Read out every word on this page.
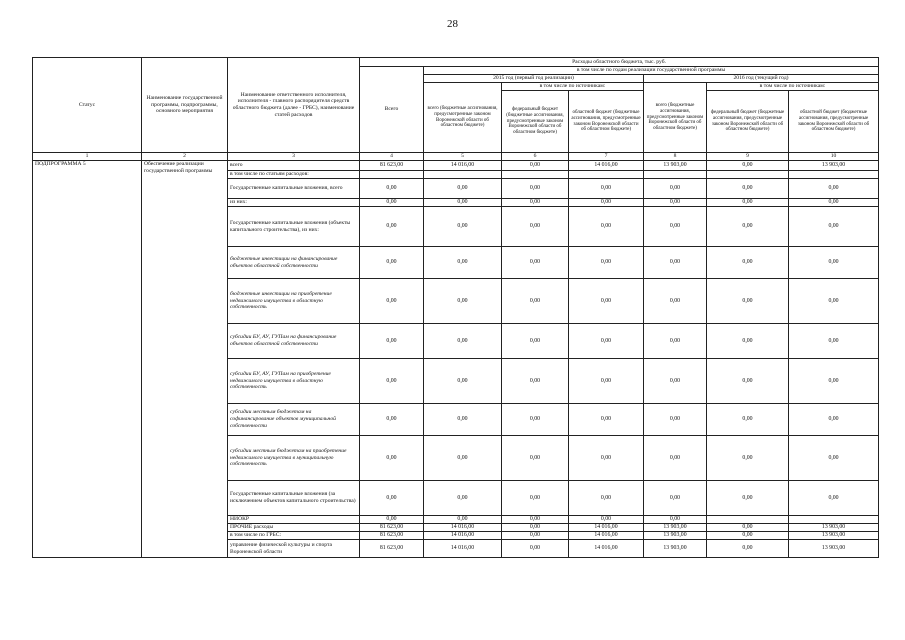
28
Статус	Наименование государственной программы, подпрограммы, основного мероприятия	Наименование ответственного исполнителя, исполнителя - главного распорядителя средств областного бюджета (далее - ГРБС), наименование статей расходов	Расходы областного бюджета, тыс. руб.						
			Всего	в том числе по годам реализации государственной программы					
				2015 год (первый год реализации)			2016 год (текущий год)		
				всего (бюджетные ассигнования, предусмотренные законом Воронежской области об областном бюджете)	в том числе по источникам:		всего (бюджетные ассигнования, предусмотренные законом Воронежской области об областном бюджете)	в том числе по источникам:	
					федеральный бюджет (бюджетные ассигнования, предусмотренные законом Воронежской области об областном бюджете)	областной бюджет (бюджетные ассигнования, предусмотренные законом Воронежской области об областном бюджете)		федеральный бюджет (бюджетные ассигнования, предусмотренные законом Воронежской области об областном бюджете)	областной бюджет (бюджетные ассигнования, предусмотренные законом Воронежской области об областном бюджете)
1	2	3	4	5	6	7	8	9	10
ПОДПРОГРАММА 5	Обеспечение реализации государственной программы	всего	81 623,00	14 016,00	0,00	14 016,00	13 903,00	0,00	13 903,00
		в том числе по статьям расходов:							
		Государственные капитальные вложения, всего	0,00	0,00	0,00	0,00	0,00	0,00	0,00
		из них:	0,00	0,00	0,00	0,00	0,00	0,00	0,00
		Государственные капитальные вложения (объекты капитального строительства), из них:	0,00	0,00	0,00	0,00	0,00	0,00	0,00
		бюджетные инвестиции на финансирование объектов областной собственности	0,00	0,00	0,00	0,00	0,00	0,00	0,00
		бюджетные инвестиции на приобретение недвижимого имущества в областную собственность	0,00	0,00	0,00	0,00	0,00	0,00	0,00
		субсидии БУ, АУ, ГУПам на финансирование объектов областной собственности	0,00	0,00	0,00	0,00	0,00	0,00	0,00
		субсидии БУ, АУ, ГУПам на приобретение недвижимого имущества в областную собственность	0,00	0,00	0,00	0,00	0,00	0,00	0,00
		субсидии местным бюджетам на софинансирование объектов муниципальной собственности	0,00	0,00	0,00	0,00	0,00	0,00	0,00
		субсидии местным бюджетам на приобретение недвижимого имущества в муниципальную собственность	0,00	0,00	0,00	0,00	0,00	0,00	0,00
		Государственные капитальные вложения (за исключением объектов капитального строительства)	0,00	0,00	0,00	0,00	0,00	0,00	0,00
		НИОКР	0,00	0,00	0,00	0,00	0,00		
		ПРОЧИЕ расходы	81 623,00	14 016,00	0,00	14 016,00	13 903,00	0,00	13 903,00
		в том числе по ГРБС:	81 623,00	14 016,00	0,00	14 016,00	13 903,00	0,00	13 903,00
		управление физической культуры и спорта Воронежской области	81 623,00	14 016,00	0,00	14 016,00	13 903,00	0,00	13 903,00
